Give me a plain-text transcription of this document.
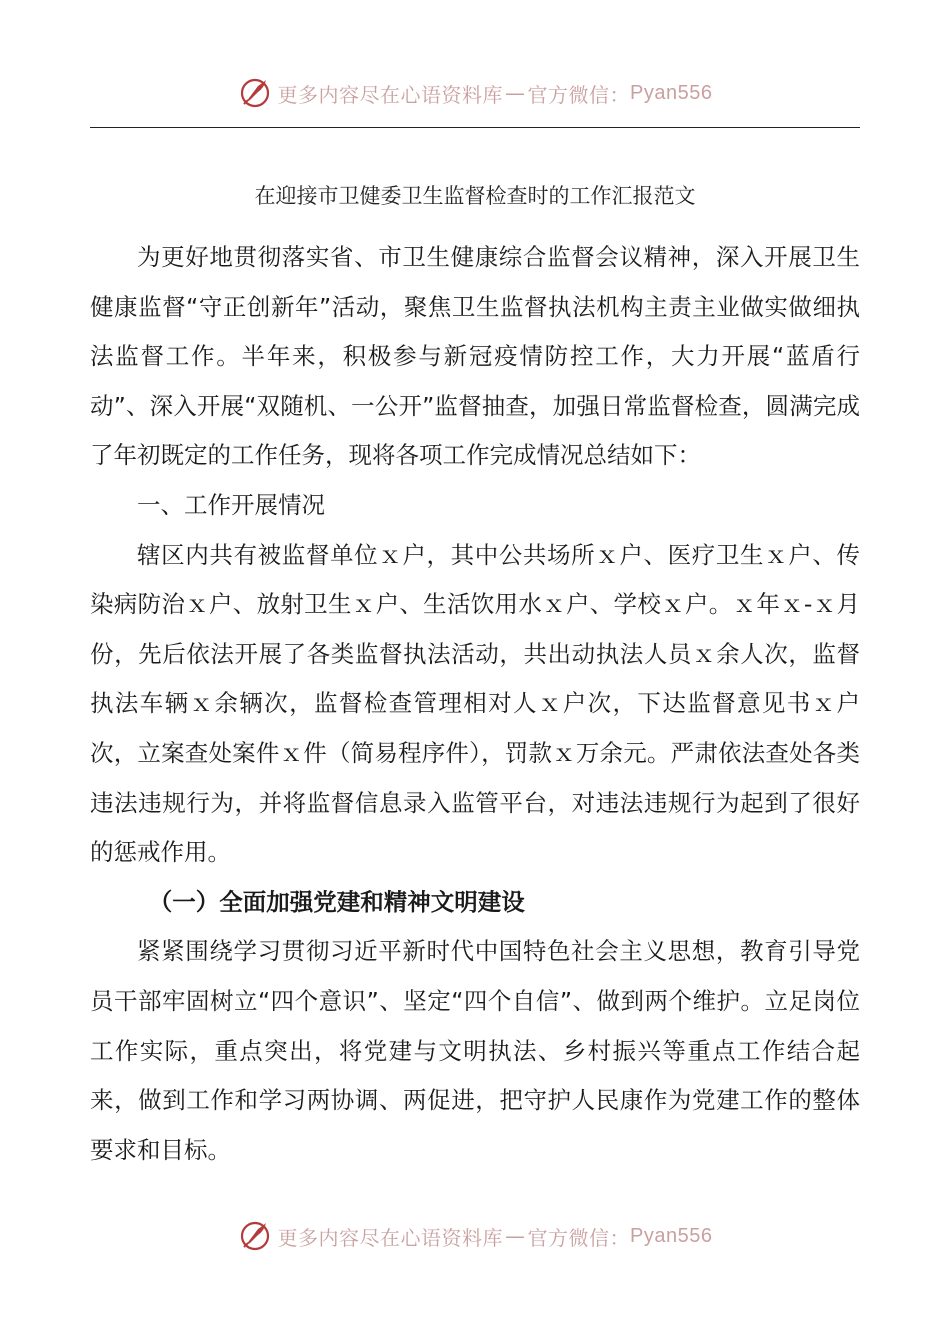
更多内容尽在心语资料库 — 官方微信： Pyan556
在迎接市卫健委卫生监督检查时的工作汇报范文

为更好地贯彻落实省、市卫生健康综合监督会议精神，深入开展卫生健康监督“守正创新年”活动，聚焦卫生监督执法机构主责主业做实做细执法监督工作。半年来，积极参与新冠疫情防控工作，大力开展“蓝盾行动”、深入开展“双随机、一公开”监督抽查，加强日常监督检查，圆满完成了年初既定的工作任务，现将各项工作完成情况总结如下：

一、工作开展情况

辖区内共有被监督单位ｘ户，其中公共场所ｘ户、医疗卫生ｘ户、传染病防治ｘ户、放射卫生ｘ户、生活饮用水ｘ户、学校ｘ户。ｘ年ｘ-ｘ月份，先后依法开展了各类监督执法活动，共出动执法人员ｘ余人次，监督执法车辆ｘ余辆次，监督检查管理相对人ｘ户次，下达监督意见书ｘ户次，立案查处案件ｘ件（简易程序件），罚款ｘ万余元。严肃依法查处各类违法违规行为，并将监督信息录入监管平台，对违法违规行为起到了很好的惩戒作用。

（一）全面加强党建和精神文明建设

紧紧围绕学习贯彻习近平新时代中国特色社会主义思想，教育引导党员干部牢固树立“四个意识”、坚定“四个自信”、做到两个维护。立足岗位工作实际，重点突出，将党建与文明执法、乡村振兴等重点工作结合起来，做到工作和学习两协调、两促进，把守护人民康作为党建工作的整体要求和目标。

更多内容尽在心语资料库 — 官方微信： Pyan556
